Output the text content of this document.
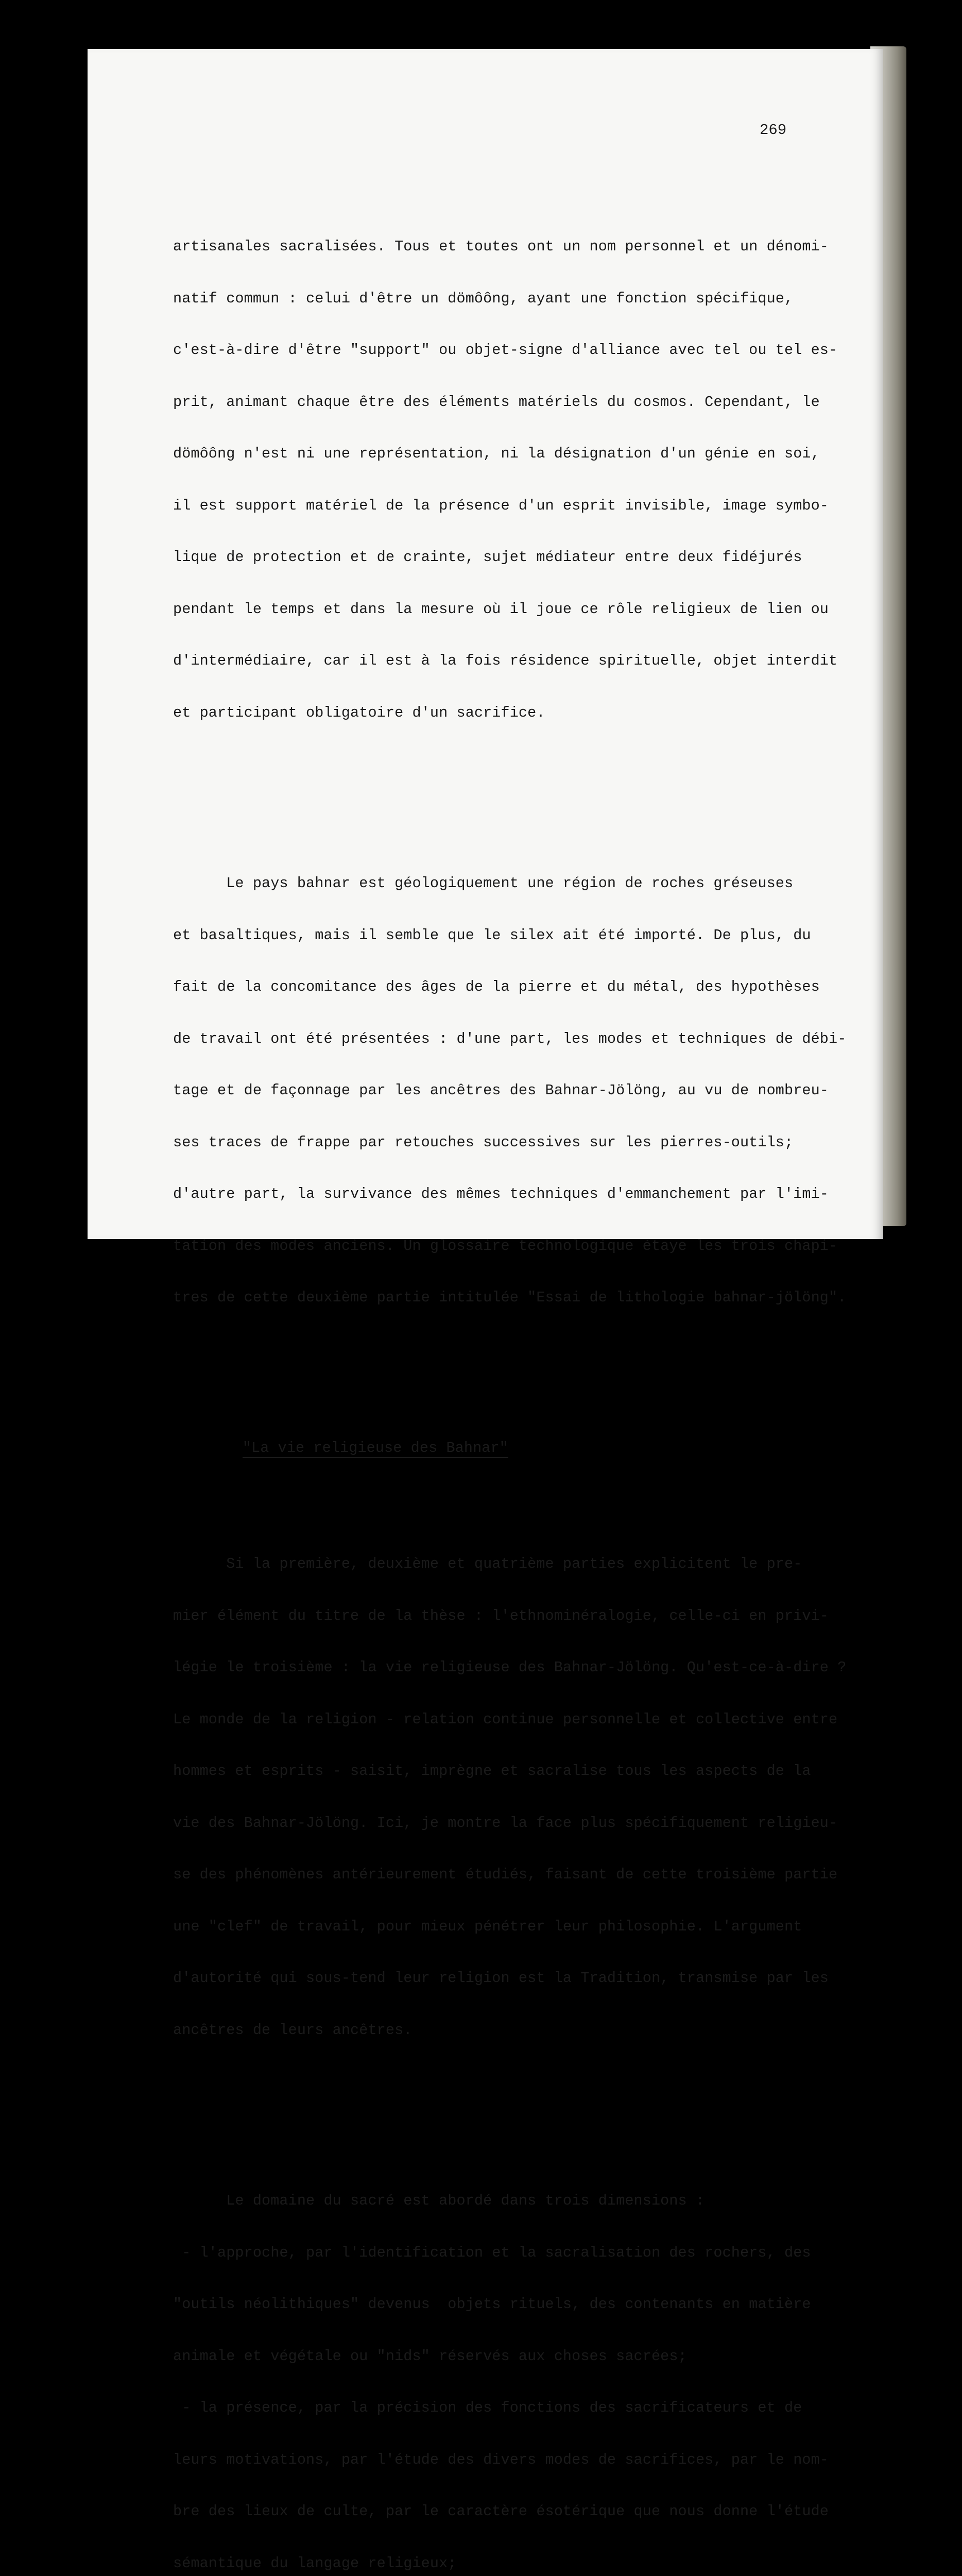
269

artisanales sacralisées. Tous et toutes ont un nom personnel et un dénomi-

natif commun : celui d'être un dömôông, ayant une fonction spécifique,

c'est-à-dire d'être "support" ou objet-signe d'alliance avec tel ou tel es-

prit, animant chaque être des éléments matériels du cosmos. Cependant, le

dömôông n'est ni une représentation, ni la désignation d'un génie en soi,

il est support matériel de la présence d'un esprit invisible, image symbo-

lique de protection et de crainte, sujet médiateur entre deux fidéjurés

pendant le temps et dans la mesure où il joue ce rôle religieux de lien ou

d'intermédiaire, car il est à la fois résidence spirituelle, objet interdit

et participant obligatoire d'un sacrifice.

Le pays bahnar est géologiquement une région de roches gréseuses

et basaltiques, mais il semble que le silex ait été importé. De plus, du

fait de la concomitance des âges de la pierre et du métal, des hypothèses

de travail ont été présentées : d'une part, les modes et techniques de débi-

tage et de façonnage par les ancêtres des Bahnar-Jölöng, au vu de nombreu-

ses traces de frappe par retouches successives sur les pierres-outils;

d'autre part, la survivance des mêmes techniques d'emmanchement par l'imi-

tation des modes anciens. Un glossaire technologique étaye les trois chapi-

tres de cette deuxième partie intitulée "Essai de lithologie bahnar-jölöng".

"La vie religieuse des Bahnar"

Si la première, deuxième et quatrième parties explicitent le pre-

mier élément du titre de la thèse : l'ethnominéralogie, celle-ci en privi-

légie le troisième : la vie religieuse des Bahnar-Jölöng. Qu'est-ce-à-dire ?

Le monde de la religion - relation continue personnelle et collective entre

hommes et esprits - saisit, imprègne et sacralise tous les aspects de la

vie des Bahnar-Jölöng. Ici, je montre la face plus spécifiquement religieu-

se des phénomènes antérieurement étudiés, faisant de cette troisième partie

une "clef" de travail, pour mieux pénétrer leur philosophie. L'argument

d'autorité qui sous-tend leur religion est la Tradition, transmise par les

ancêtres de leurs ancêtres.

Le domaine du sacré est abordé dans trois dimensions :

- l'approche, par l'identification et la sacralisation des rochers, des

"outils néolithiques" devenus  objets rituels, des contenants en matière

animale et végétale ou "nids" réservés aux choses sacrées;

- la présence, par la précision des fonctions des sacrificateurs et de

leurs motivations, par l'étude des divers modes de sacrifices, par le nom-

bre des lieux de culte, par le caractère ésotérique que nous donne l'étude

sémantique du langage religieux;
